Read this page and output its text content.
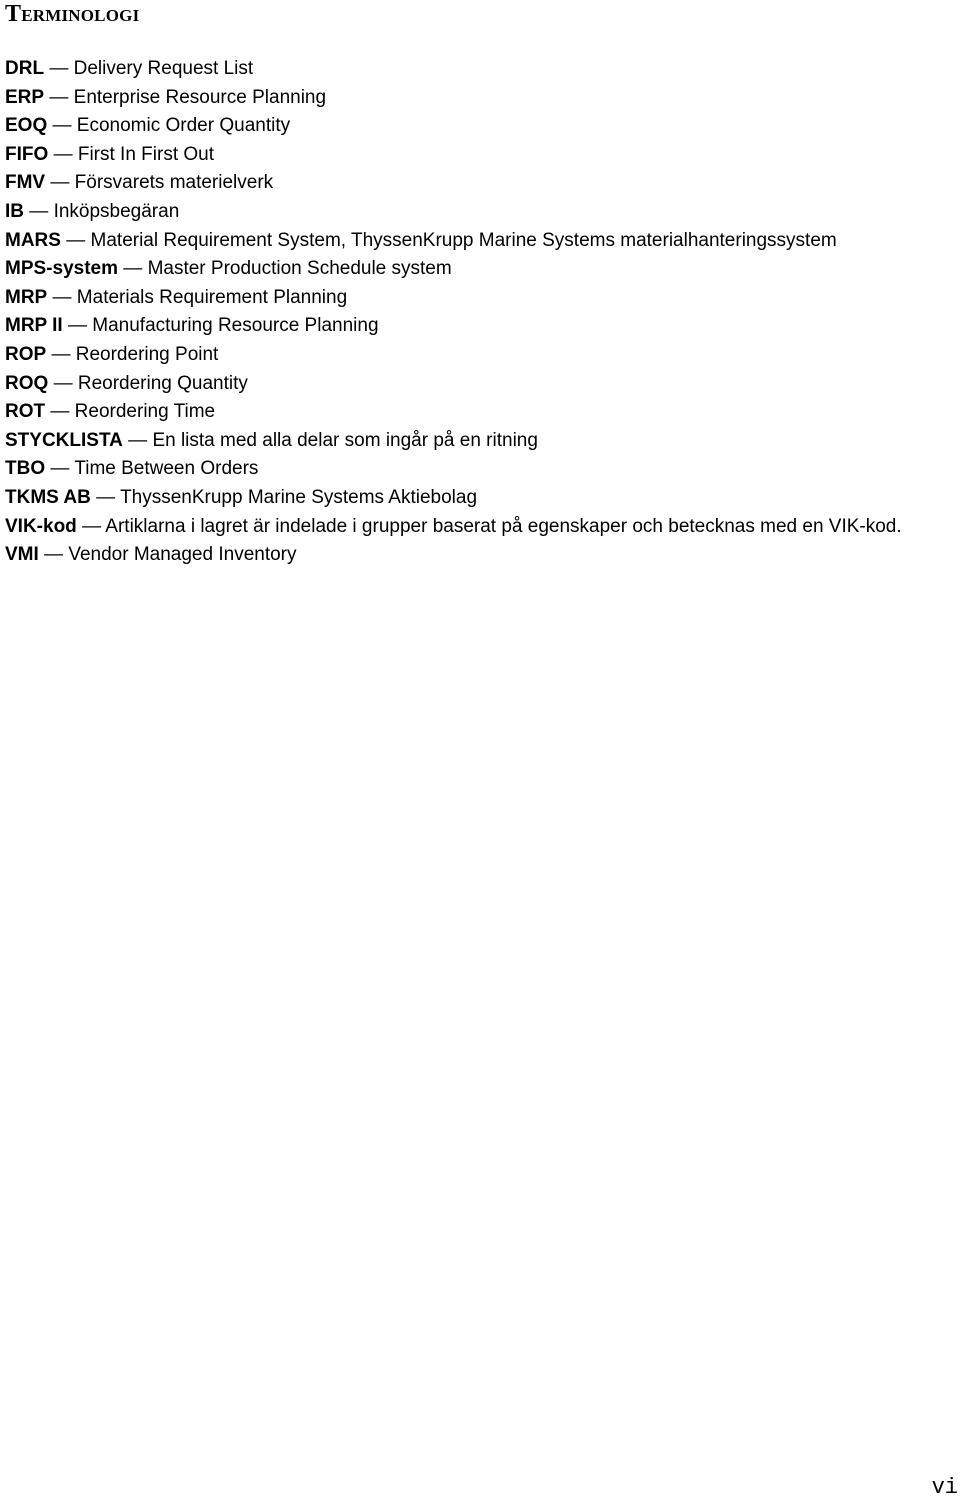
Terminologi
DRL — Delivery Request List
ERP — Enterprise Resource Planning
EOQ — Economic Order Quantity
FIFO — First In First Out
FMV — Försvarets materielverk
IB — Inköpsbegäran
MARS — Material Requirement System, ThyssenKrupp Marine Systems materialhanteringssystem
MPS-system — Master Production Schedule system
MRP — Materials Requirement Planning
MRP II — Manufacturing Resource Planning
ROP — Reordering Point
ROQ — Reordering Quantity
ROT — Reordering Time
STYCKLISTA — En lista med alla delar som ingår på en ritning
TBO — Time Between Orders
TKMS AB — ThyssenKrupp Marine Systems Aktiebolag
VIK-kod — Artiklarna i lagret är indelade i grupper baserat på egenskaper och betecknas med en VIK-kod.
VMI — Vendor Managed Inventory
vi
